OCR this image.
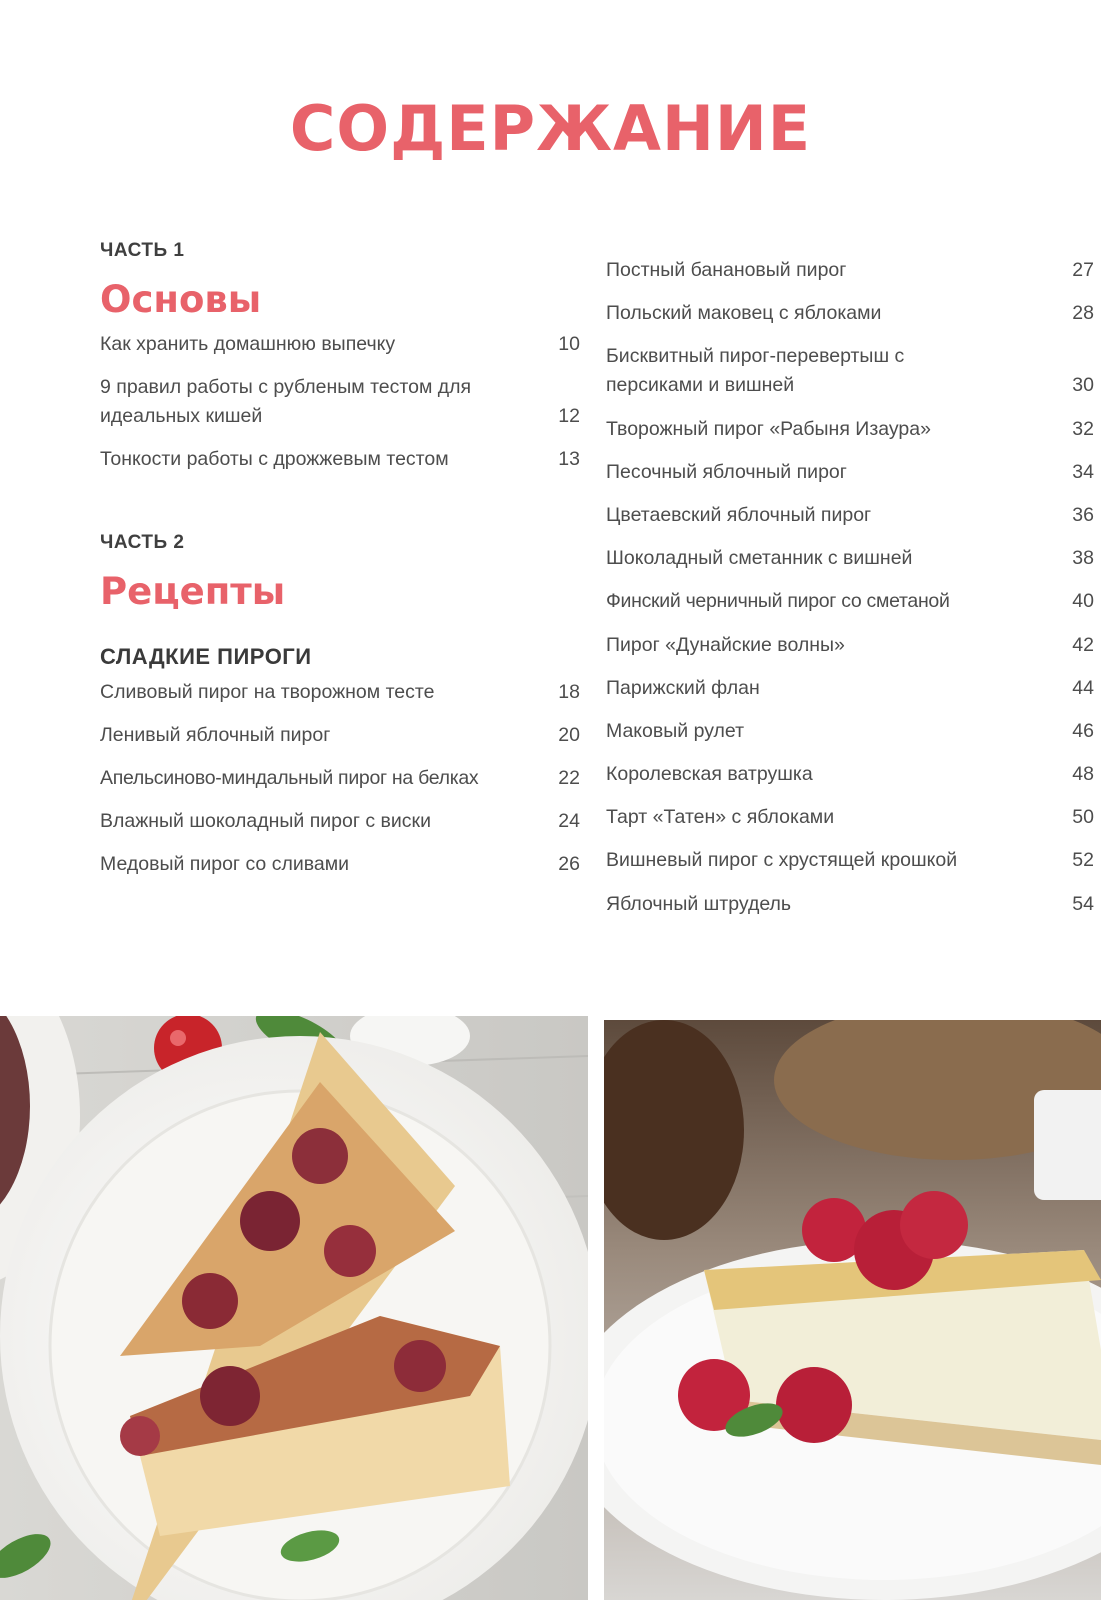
СОДЕРЖАНИЕ
ЧАСТЬ 1
Основы
Как хранить домашнюю выпечку	10
9 правил работы с рубленым тестом для идеальных кишей	12
Тонкости работы с дрожжевым тестом	13
ЧАСТЬ 2
Рецепты
СЛАДКИЕ ПИРОГИ
Сливовый пирог на творожном тесте	18
Ленивый яблочный пирог	20
Апельсиново-миндальный пирог на белках	22
Влажный шоколадный пирог с виски	24
Медовый пирог со сливами	26
Постный банановый пирог	27
Польский маковец с яблоками	28
Бисквитный пирог-перевертыш с персиками и вишней	30
Творожный пирог «Рабыня Изаура»	32
Песочный яблочный пирог	34
Цветаевский яблочный пирог	36
Шоколадный сметанник с вишней	38
Финский черничный пирог со сметаной	40
Пирог «Дунайские волны»	42
Парижский флан	44
Маковый рулет	46
Королевская ватрушка	48
Тарт «Татен» с яблоками	50
Вишневый пирог с хрустящей крошкой	52
Яблочный штрудель	54
